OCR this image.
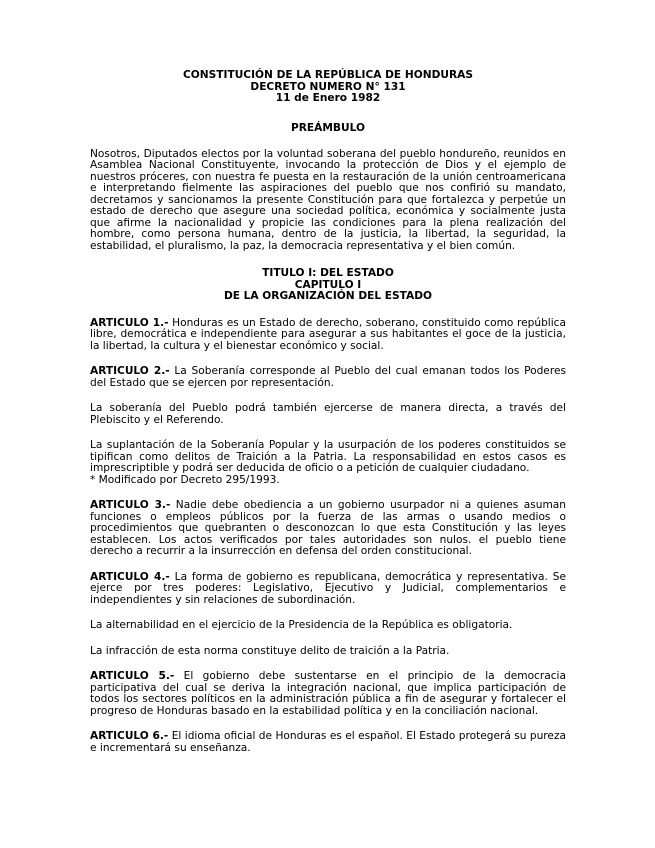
CONSTITUCIÓN DE LA REPÚBLICA DE HONDURAS
DECRETO NUMERO N° 131
11 de Enero 1982
PREÁMBULO

Nosotros, Diputados electos por la voluntad soberana del pueblo hondureño, reunidos en Asamblea Nacional Constituyente, invocando la protección de Dios y el ejemplo de nuestros próceres, con nuestra fe puesta en la restauración de la unión centroamericana e interpretando fielmente las aspiraciones del pueblo que nos confirió su mandato, decretamos y sancionamos la presente Constitución para que fortalezca y perpetúe un estado de derecho que asegure una sociedad política, económica y socialmente justa que afirme la nacionalidad y propicie las condiciones para la plena realización del hombre, como persona humana, dentro de la justicia, la libertad, la seguridad, la estabilidad, el pluralismo, la paz, la democracia representativa y el bien común.

TITULO I: DEL ESTADO
CAPITULO I
DE LA ORGANIZACIÓN DEL ESTADO

ARTICULO 1.- Honduras es un Estado de derecho, soberano, constituido como república libre, democrática e independiente para asegurar a sus habitantes el goce de la justicia, la libertad, la cultura y el bienestar económico y social.

ARTICULO 2.- La Soberanía corresponde al Pueblo del cual emanan todos los Poderes del Estado que se ejercen por representación.

La soberanía del Pueblo podrá también ejercerse de manera directa, a través del Plebiscito y el Referendo.

La suplantación de la Soberanía Popular y la usurpación de los poderes constituidos se tipifican como delitos de Traición a la Patria. La responsabilidad en estos casos es imprescriptible y podrá ser deducida de oficio o a petición de cualquier ciudadano.

* Modificado por Decreto 295/1993.

ARTICULO 3.- Nadie debe obediencia a un gobierno usurpador ni a quienes asuman funciones o empleos públicos por la fuerza de las armas o usando medios o procedimientos que quebranten o desconozcan lo que esta Constitución y las leyes establecen. Los actos verificados por tales autoridades son nulos. el pueblo tiene derecho a recurrir a la insurrección en defensa del orden constitucional.

ARTICULO 4.- La forma de gobierno es republicana, democrática y representativa. Se ejerce por tres poderes: Legislativo, Ejecutivo y Judicial, complementarios e independientes y sin relaciones de subordinación.

La alternabilidad en el ejercicio de la Presidencia de la República es obligatoria.

La infracción de esta norma constituye delito de traición a la Patria.

ARTICULO 5.- El gobierno debe sustentarse en el principio de la democracia participativa del cual se deriva la integración nacional, que implica participación de todos los sectores políticos en la administración pública a fin de asegurar y fortalecer el progreso de Honduras basado en la estabilidad política y en la conciliación nacional.

ARTICULO 6.- El idioma oficial de Honduras es el español. El Estado protegerá su pureza e incrementará su enseñanza.
